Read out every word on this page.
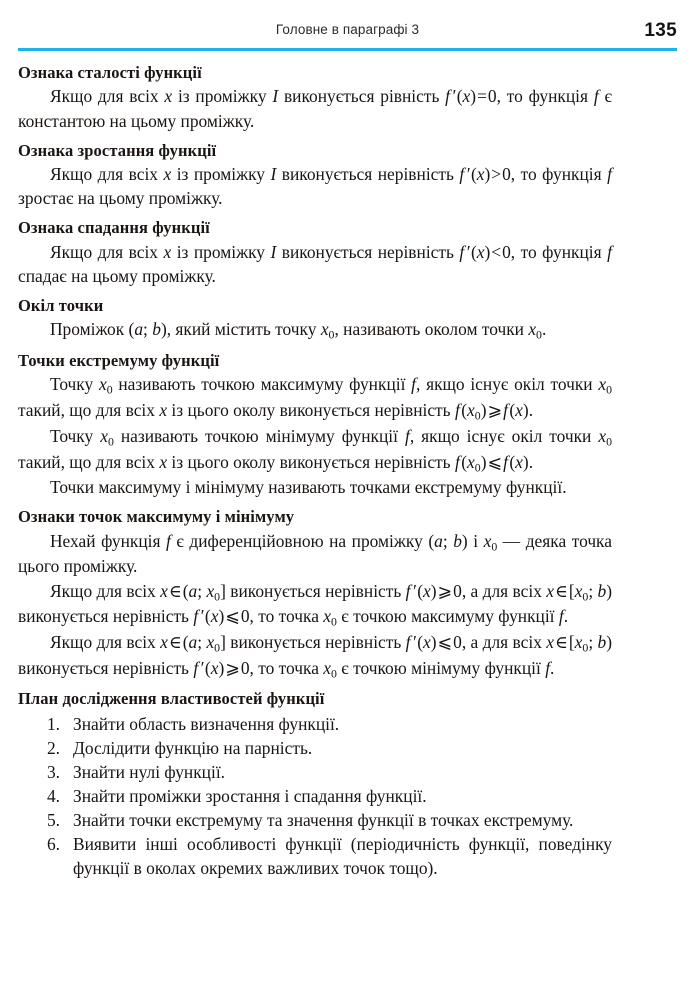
Головне в параграфі 3	135
Ознака сталості функції

Якщо для всіх x із проміжку I виконується рівність f ′ (x)=0, то функція f є константою на цьому проміжку.

Ознака зростання функції

Якщо для всіх x із проміжку I виконується нерівність f ′ (x)>0, то функція f зростає на цьому проміжку.

Ознака спадання функції

Якщо для всіх x із проміжку I виконується нерівність f ′ (x)<0, то функція f спадає на цьому проміжку.

Окіл точки

Проміжок (a; b), який містить точку $x_0$, називають околом точки $x_0$.

Точки екстремуму функції

Точку $x_0$ називають точкою максимуму функції f, якщо існує окіл точки $x_0$ такий, що для всіх x із цього околу виконується нерівність f $(x_0)⩾f$ (x).

Точку $x_0$ називають точкою мінімуму функції f, якщо існує окіл точки $x_0$ такий, що для всіх x із цього околу виконується нерівність f $(x_0)⩽f$ (x).

Точки максимуму і мінімуму називають точками екстремуму функції.

Ознаки точок максимуму і мінімуму

Нехай функція f є диференційовною на проміжку (a; b) і $x_0$ — деяка точка цього проміжку.

Якщо для всіх x∈(a; $x_0$] виконується нерівність f ′ (x)⩾0, а для всіх $x\in[x_0$; b) виконується нерівність f ′ (x)⩽0, то точка $x_0$ є точкою максимуму функції f.

Якщо для всіх x∈(a; $x_0$] виконується нерівність f ′ (x)⩽0, а для всіх $x\in[x_0$; b) виконується нерівність f ′ (x)⩾0, то точка $x_0$ є точкою мінімуму функції f.

План дослідження властивостей функції
Знайти область визначення функції.
Дослідити функцію на парність.
Знайти нулі функції.
Знайти проміжки зростання і спадання функції.
Знайти точки екстремуму та значення функції в точках екстремуму.
Виявити інші особливості функції (періодичність функції, поведінку функції в околах окремих важливих точок тощо).
